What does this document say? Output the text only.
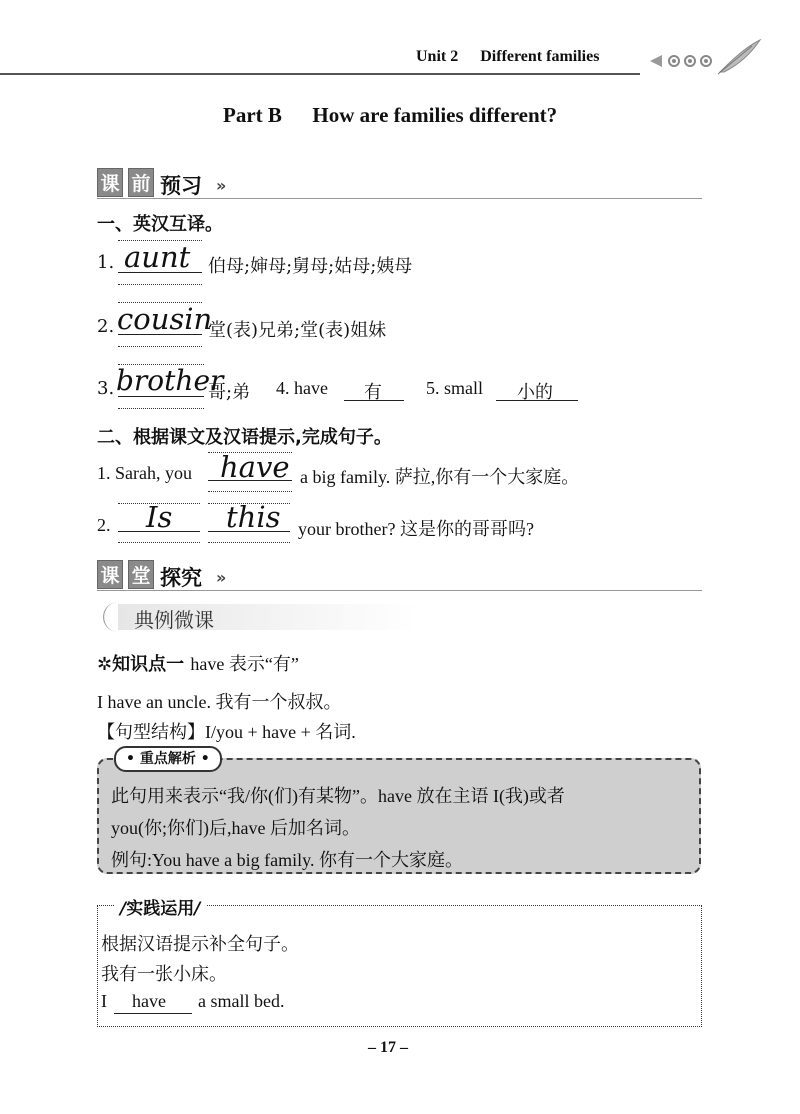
Unit 2 Different families
Part B How are families different?
课 前 预习 »
一、英汉互译。
1. aunt 伯母;婶母;舅母;姑母;姨母
2. cousin
堂(表)兄弟;堂(表)姐妹
3. brother
哥;弟 4. have 有 5. small 小的
二、根据课文及汉语提示,完成句子。
1. Sarah, you have a big family. 萨拉,你有一个大家庭。
2. Is this your brother? 这是你的哥哥吗?
课 堂 探究 »
典例微课
✲知识点一 have 表示“有”
I have an uncle. 我有一个叔叔。
【句型结构】I/you + have + 名词.
• 重点解析 •
此句用来表示“我/你(们)有某物”。have 放在主语 I(我)或者
you(你;你们)后,have 后加名词。
例句:You have a big family. 你有一个大家庭。
/实践运用/
根据汉语提示补全句子。
我有一张小床。
I have a small bed.
– 17 –
